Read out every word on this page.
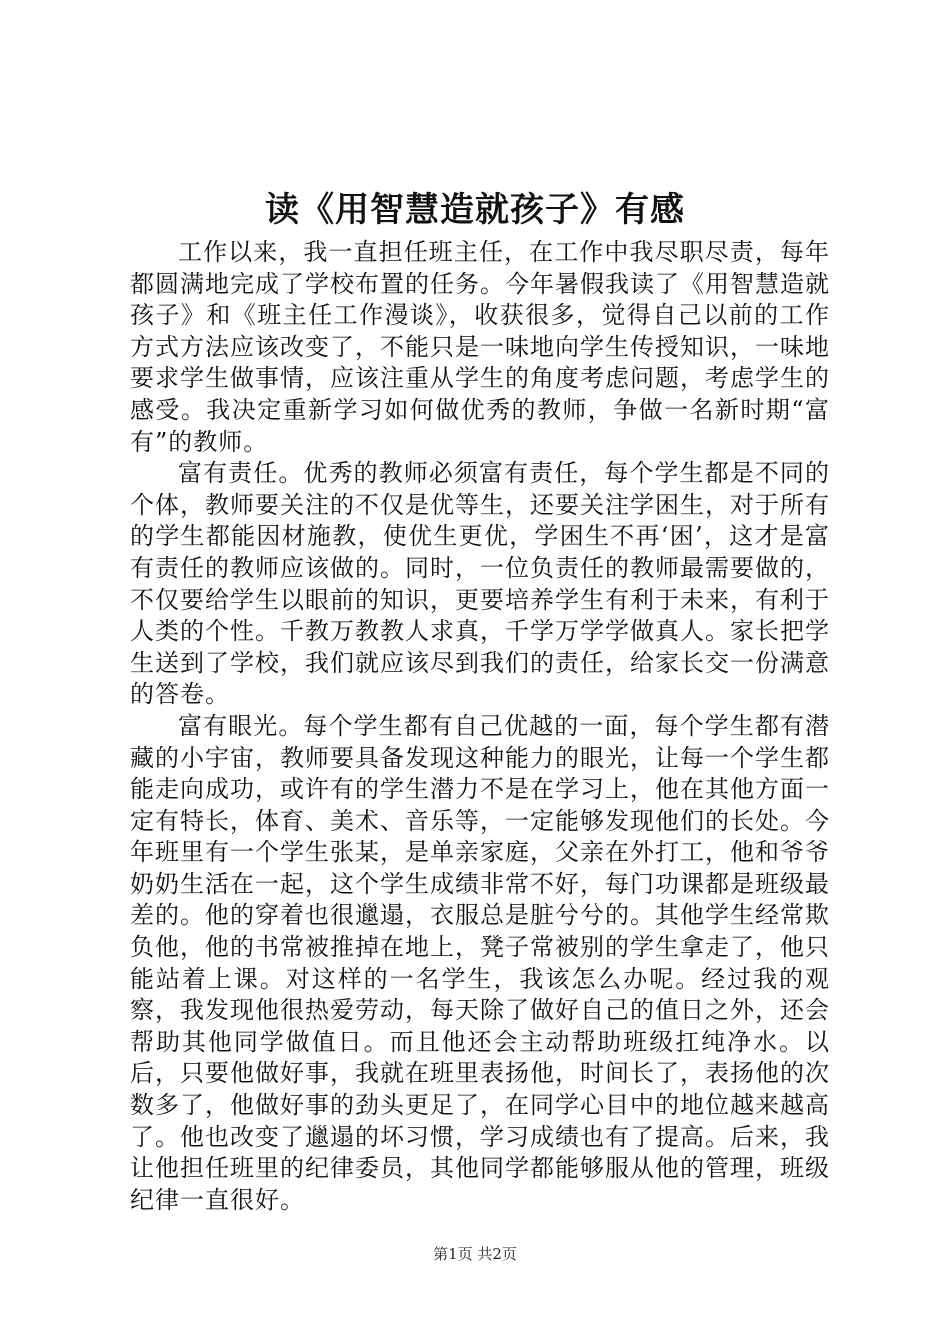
读《用智慧造就孩子》有感

工作以来，我一直担任班主任，在工作中我尽职尽责，每年都圆满地完成了学校布置的任务。今年暑假我读了《用智慧造就孩子》和《班主任工作漫谈》，收获很多，觉得自己以前的工作方式方法应该改变了，不能只是一味地向学生传授知识，一味地要求学生做事情，应该注重从学生的角度考虑问题，考虑学生的感受。我决定重新学习如何做优秀的教师，争做一名新时期“富有”的教师。

富有责任。优秀的教师必须富有责任，每个学生都是不同的个体，教师要关注的不仅是优等生，还要关注学困生，对于所有的学生都能因材施教，使优生更优，学困生不再‘困’，这才是富有责任的教师应该做的。同时，一位负责任的教师最需要做的，不仅要给学生以眼前的知识，更要培养学生有利于未来，有利于人类的个性。千教万教教人求真，千学万学学做真人。家长把学生送到了学校，我们就应该尽到我们的责任，给家长交一份满意的答卷。

富有眼光。每个学生都有自己优越的一面，每个学生都有潜藏的小宇宙，教师要具备发现这种能力的眼光，让每一个学生都能走向成功，或许有的学生潜力不是在学习上，他在其他方面一定有特长，体育、美术、音乐等，一定能够发现他们的长处。今年班里有一个学生张某，是单亲家庭，父亲在外打工，他和爷爷奶奶生活在一起，这个学生成绩非常不好，每门功课都是班级最差的。他的穿着也很邋遢，衣服总是脏兮兮的。其他学生经常欺负他，他的书常被推掉在地上，凳子常被别的学生拿走了，他只能站着上课。对这样的一名学生，我该怎么办呢。经过我的观察，我发现他很热爱劳动，每天除了做好自己的值日之外，还会帮助其他同学做值日。而且他还会主动帮助班级扛纯净水。以后，只要他做好事，我就在班里表扬他，时间长了，表扬他的次数多了，他做好事的劲头更足了，在同学心目中的地位越来越高了。他也改变了邋遢的坏习惯，学习成绩也有了提高。后来，我让他担任班里的纪律委员，其他同学都能够服从他的管理，班级纪律一直很好。

第1页 共2页
